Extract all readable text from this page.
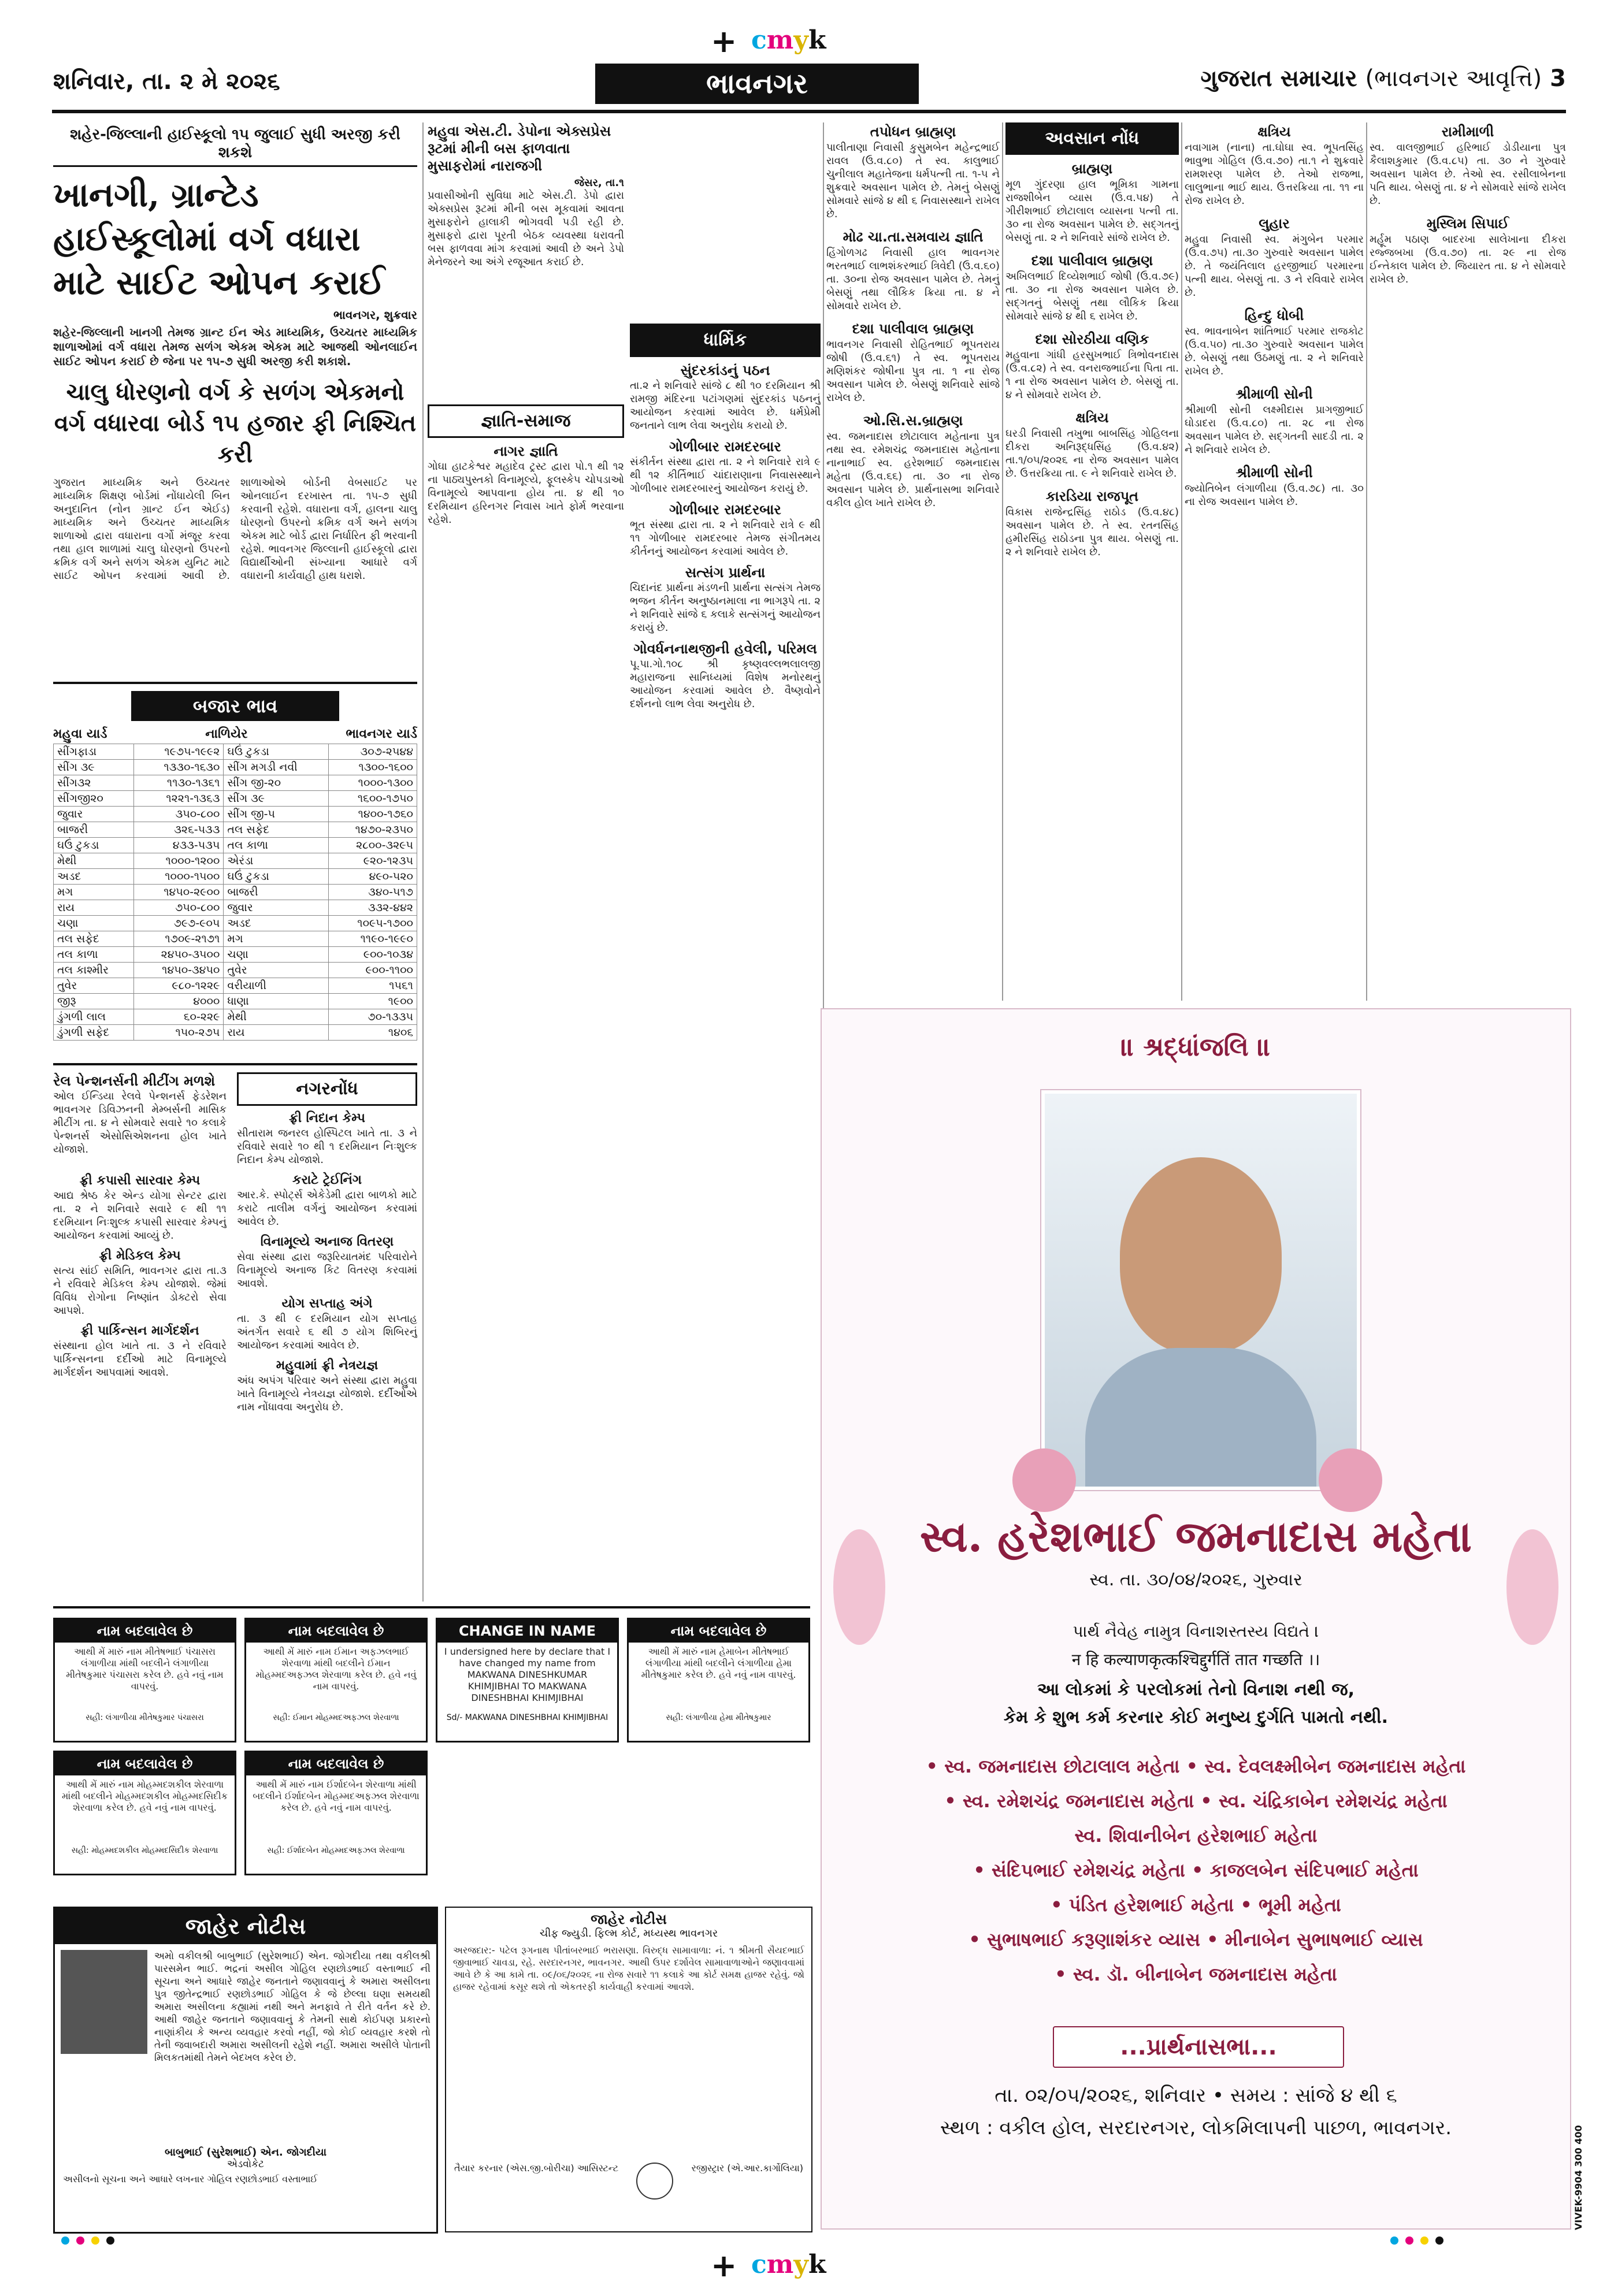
+ cmyk
શનિવાર, તા. ૨ મે ૨૦૨૬	ભાવનગર	ગુજરાત સમાચાર (ભાવનગર આવૃત્તિ) 3
શહેર-જિલ્લાની હાઈસ્કૂલો ૧૫ જુલાઈ સુધી અરજી કરી શકશે
ખાનગી, ગ્રાન્ટેડ હાઈસ્કૂલોમાં વર્ગ વધારા માટે સાઈટ ઓપન કરાઈ
ભાવનગર, શુક્રવાર
શહેર-જિલ્લાની ખાનગી તેમજ ગ્રાન્ટ ઈન એડ માધ્યમિક, ઉચ્ચતર માધ્યમિક શાળાઓમાં વર્ગ વધારા તેમજ સળંગ એકમ એકમ માટે આજથી ઓનલાઈન સાઈટ ઓપન કરાઈ છે જેના પર ૧૫-૭ સુધી અરજી કરી શકાશે.
ચાલુ ધોરણનો વર્ગ કે સળંગ એકમનો વર્ગ વધારવા બોર્ડ ૧૫ હજાર ફી નિશ્ચિત કરી
ગુજરાત માધ્યમિક અને ઉચ્ચતર માધ્યમિક શિક્ષણ બોર્ડમાં નોંધાયેલી બિન અનુદાનિત (નોન ગ્રાન્ટ ઈન એઈડ) માધ્યમિક અને ઉચ્ચતર માધ્યમિક શાળાઓ દ્વારા વધારાના વર્ગો મંજૂર કરવા તથા હાલ શાળામાં ચાલુ ધોરણનો ઉપરનો ક્રમિક વર્ગ અને સળંગ એકમ યુનિટ માટે સાઈટ ઓપન કરવામાં આવી છે. શાળાઓએ બોર્ડની વેબસાઈટ પર ઓનલાઈન દરખાસ્ત તા. ૧૫-૭ સુધી કરવાની રહેશે. વધારાના વર્ગ, હાલના ચાલુ ધોરણનો ઉપરનો ક્રમિક વર્ગ અને સળંગ એકમ માટે બોર્ડ દ્વારા નિર્ધારિત ફી ભરવાની રહેશે. ભાવનગર જિલ્લાની હાઈસ્કૂલો દ્વારા વિદ્યાર્થીઓની સંખ્યાના આધારે વર્ગ વધારાની કાર્યવાહી હાથ ધરાશે.
બજાર ભાવ
મહુવા યાર્ડ	નાળિયેર	ભાવનગર યાર્ડ
સીંગફાડા	૧૯૭૫-૧૯૯૨	ઘઉં ટુકડા	૩૦૭-૨૫૪૪
સીંગ ૩૯	૧૩૩૦-૧૬૩૦	સીંગ મગડી નવી	૧૩૦૦-૧૬૦૦
સીંગ૩૨	૧૧૩૦-૧૩૬૧	સીંગ જી-૨૦	૧૦૦૦-૧૩૦૦
સીંગજી૨૦	૧૨૨૧-૧૩૬૩	સીંગ ૩૯	૧૬૦૦-૧૭૫૦
જુવાર	૩૫૦-૮૦૦	સીંગ જી-૫	૧૪૦૦-૧૭૬૦
બાજરી	૩૨૬-૫૩૩	તલ સફેદ	૧૪૭૦-૨૩૫૦
ઘઉં ટુકડા	૪૩૩-૫૩૫	તલ કાળા	૨૮૦૦-૩૨૯૫
મેથી	૧૦૦૦-૧૨૦૦	એરંડા	૯૨૦-૧૨૩૫
અડદ	૧૦૦૦-૧૫૦૦	ઘઉં ટુકડા	૪૯૦-૫૨૦
મગ	૧૪૫૦-૨૯૦૦	બાજરી	૩૪૦-૫૧૭
રાય	૭૫૦-૮૦૦	જુવાર	૩૩૨-૪૪૨
ચણા	૭૯૭-૯૦૫	અડદ	૧૦૯૫-૧૭૦૦
તલ સફેદ	૧૭૦૯-૨૧૭૧	મગ	૧૧૯૦-૧૯૯૦
તલ કાળા	૨૪૫૦-૩૫૦૦	ચણા	૯૦૦-૧૦૩૪
તલ કાશ્મીર	૧૪૫૦-૩૪૫૦	તુવેર	૯૦૦-૧૧૦૦
તુવેર	૯૮૦-૧૨૨૯	વરીયાળી	૧૫૬૧
જીરૂ	૪૦૦૦	ધાણા	૧૯૦૦
ડુંગળી લાલ	૬૦-૨૨૯	મેથી	૭૦-૧૩૩૫
ડુંગળી સફેદ	૧૫૦-૨૭૫	રાય	૧૪૦૬
રેલ પેન્શનર્સની મીટીંગ મળશે
ઓલ ઈન્ડિયા રેલવે પેન્શનર્સ ફેડરેશન ભાવનગર ડિવિઝનની મેમ્બર્સની માસિક મીટીંગ તા. ૪ ને સોમવારે સવારે ૧૦ કલાકે પેન્શનર્સ એસોસિએશનના હોલ ખાતે યોજાશે.
ફ્રી કપાસી સારવાર કેમ્પ
આદ્ય શ્રેષ્ઠ કેર એન્ડ યોગા સેન્ટર દ્વારા તા. ૨ ને શનિવારે સવારે ૯ થી ૧૧ દરમિયાન નિઃશુલ્ક કપાસી સારવાર કેમ્પનું આયોજન કરવામાં આવ્યું છે.
ફ્રી મેડિકલ કેમ્પ
સત્ય સાંઈ સમિતિ, ભાવનગર દ્વારા તા.૩ ને રવિવારે મેડિકલ કેમ્પ યોજાશે. જેમાં વિવિધ રોગોના નિષ્ણાંત ડોક્ટરો સેવા આપશે.
ફ્રી પાર્કિન્સન માર્ગદર્શન
સંસ્થાના હોલ ખાતે તા. ૩ ને રવિવારે પાર્કિન્સનના દર્દીઓ માટે વિનામૂલ્યે માર્ગદર્શન આપવામાં આવશે.
નગરનોંધ
ફ્રી નિદાન કેમ્પ
સીતારામ જનરલ હોસ્પિટલ ખાતે તા. ૩ ને રવિવારે સવારે ૧૦ થી ૧ દરમિયાન નિઃશુલ્ક નિદાન કેમ્પ યોજાશે.
કરાટે ટ્રેઈનિંગ
આર.કે. સ્પોર્ટ્સ એકેડેમી દ્વારા બાળકો માટે કરાટે તાલીમ વર્ગનું આયોજન કરવામાં આવેલ છે.
વિનામૂલ્યે અનાજ વિતરણ
સેવા સંસ્થા દ્વારા જરૂરિયાતમંદ પરિવારોને વિનામૂલ્યે અનાજ કિટ વિતરણ કરવામાં આવશે.
યોગ સપ્તાહ અંગે
તા. ૩ થી ૯ દરમિયાન યોગ સપ્તાહ અંતર્ગત સવારે ૬ થી ૭ યોગ શિબિરનું આયોજન કરવામાં આવેલ છે.
મહુવામાં ફ્રી નેત્રયજ્ઞ
અંધ અપંગ પરિવાર અને સંસ્થા દ્વારા મહુવા ખાતે વિનામૂલ્યે નેત્રયજ્ઞ યોજાશે. દર્દીઓએ નામ નોંધાવવા અનુરોધ છે.
મહુવા એસ.ટી. ડેપોના એક્સપ્રેસ રૂટમાં મીની બસ ફાળવાતા મુસાફરોમાં નારાજગી
જેસર, તા.૧
પ્રવાસીઓની સુવિધા માટે એસ.ટી. ડેપો દ્વારા એક્સપ્રેસ રૂટમાં મીની બસ મૂકવામાં આવતા મુસાફરોને હાલાકી ભોગવવી પડી રહી છે. મુસાફરો દ્વારા પૂરતી બેઠક વ્યવસ્થા ધરાવતી બસ ફાળવવા માંગ કરવામાં આવી છે અને ડેપો મેનેજરને આ અંગે રજૂઆત કરાઈ છે.
જ્ઞાતિ-સમાજ
નાગર જ્ઞાતિ
ગોઘા હાટકેશ્વર મહાદેવ ટ્રસ્ટ દ્વારા પો.૧ થી ૧૨ ના પાઠ્યપુસ્તકો વિનામૂલ્યે, ફૂલસ્કેપ ચોપડાઓ વિનામૂલ્યે આપવાના હોય તા. ૪ થી ૧૦ દરમિયાન હરિનગર નિવાસ ખાતે ફોર્મ ભરવાના રહેશે.
ધાર્મિક
સુંદરકાંડનું પઠન
તા.૨ ને શનિવારે સાંજે ૮ થી ૧૦ દરમિયાન શ્રી રામજી મંદિરના પટાંગણમાં સુંદરકાંડ પઠનનું આયોજન કરવામાં આવેલ છે. ધર્મપ્રેમી જનતાને લાભ લેવા અનુરોધ કરાયો છે.
ગોળીબાર રામદરબાર
સંકીર્તન સંસ્થા દ્વારા તા. ૨ ને શનિવારે રાત્રે ૯ થી ૧૨ કીર્તિભાઈ ચાંદારાણાના નિવાસસ્થાને ગોળીબાર રામદરબારનું આયોજન કરાયું છે.
ગોળીબાર રામદરબાર
ભૂત સંસ્થા દ્વારા તા. ૨ ને શનિવારે રાત્રે ૯ થી ૧૧ ગોળીબાર રામદરબાર તેમજ સંગીતમય કીર્તનનું આયોજન કરવામાં આવેલ છે.
સત્સંગ પ્રાર્થના
ચિદાનંદ પ્રાર્થના મંડળની પ્રાર્થના સત્સંગ તેમજ ભજન કીર્તન અનુષ્ઠાનમાલા ના ભાગરૂપે તા. ૨ ને શનિવારે સાંજે ૬ કલાકે સત્સંગનું આયોજન કરાયું છે.
ગોવર્ધનનાથજીની હવેલી, પરિમલ
પૂ.પા.ગો.૧૦૮ શ્રી કૃષ્ણવલ્લભલાલજી મહારાજના સાનિધ્યમાં વિશેષ મનોરથનું આયોજન કરવામાં આવેલ છે. વૈષ્ણવોને દર્શનનો લાભ લેવા અનુરોધ છે.
તપોધન બ્રાહ્મણ
પાલીતાણા નિવાસી કુસુમબેન મહેન્દ્રભાઈ રાવલ (ઉ.વ.૮૦) તે સ્વ. કાલુભાઈ ચુનીલાલ મહાતેજના ધર્મપત્ની તા. ૧-૫ ને શુક્રવારે અવસાન પામેલ છે. તેમનું બેસણું સોમવારે સાંજે ૪ થી ૬ નિવાસસ્થાને રાખેલ છે.
મોઢ ચા.તા.સમવાય જ્ઞાતિ
હિંગોળગઢ નિવાસી હાલ ભાવનગર ભરતભાઈ લાભશંકરભાઈ ત્રિવેદી (ઉ.વ.૬૦) તા. ૩૦ના રોજ અવસાન પામેલ છે. તેમનું બેસણું તથા લૌકિક ક્રિયા તા. ૪ ને સોમવારે રાખેલ છે.
દશા પાલીવાલ બ્રાહ્મણ
ભાવનગર નિવાસી રોહિતભાઈ ભૂપતરાય જોષી (ઉ.વ.૬૧) તે સ્વ. ભૂપતરાય મણિશંકર જોષીના પુત્ર તા. ૧ ના રોજ અવસાન પામેલ છે. બેસણું શનિવારે સાંજે રાખેલ છે.
ઓ.સિ.સ.બ્રાહ્મણ
સ્વ. જમનાદાસ છોટાલાલ મહેતાના પુત્ર તથા સ્વ. રમેશચંદ્ર જમનાદાસ મહેતાના નાનાભાઈ સ્વ. હરેશભાઈ જમનાદાસ મહેતા (ઉ.વ.૬૬) તા. ૩૦ ના રોજ અવસાન પામેલ છે. પ્રાર્થનાસભા શનિવારે વકીલ હોલ ખાતે રાખેલ છે.
અવસાન નોંધ
બ્રાહ્મણ
મૂળ ગુંદરણા હાલ ભૂમિકા ગામના રાજશીબેન વ્યાસ (ઉ.વ.૫૪) તે ગીરીશભાઈ છોટાલાલ વ્યાસના પત્ની તા. ૩૦ ના રોજ અવસાન પામેલ છે. સદ્ગતનું બેસણું તા. ૨ ને શનિવારે સાંજે રાખેલ છે.
દશા પાલીવાલ બ્રાહ્મણ
અખિલભાઈ દિવ્યેશભાઈ જોષી (ઉ.વ.૭૯) તા. ૩૦ ના રોજ અવસાન પામેલ છે. સદ્ગતનું બેસણું તથા લૌકિક ક્રિયા સોમવારે સાંજે ૪ થી ૬ રાખેલ છે.
દશા સોરઠીયા વણિક
મહુવાના ગાંધી હરસુખભાઈ ત્રિભોવનદાસ (ઉ.વ.૮૨) તે સ્વ. વનરાજભાઈના પિતા તા. ૧ ના રોજ અવસાન પામેલ છે. બેસણું તા. ૪ ને સોમવારે રાખેલ છે.
ક્ષત્રિય
ઘરડી નિવાસી તખુભા બાબસિંહ ગોહિલના દીકરા અનિરૂદ્ધસિંહ (ઉ.વ.૪૨) તા.૧/૦૫/૨૦૨૬ ના રોજ અવસાન પામેલ છે. ઉત્તરક્રિયા તા. ૯ ને શનિવારે રાખેલ છે.
કારડિયા રાજપૂત
વિકાસ રાજેન્દ્રસિંહ રાઠોડ (ઉ.વ.૪૮) અવસાન પામેલ છે. તે સ્વ. રતનસિંહ હમીરસિંહ રાઠોડના પુત્ર થાય. બેસણું તા. ૨ ને શનિવારે રાખેલ છે.
ક્ષત્રિય
નવાગામ (નાના) તા.ઘોઘા સ્વ. ભૂપતસિંહ ભાવુભા ગોહિલ (ઉ.વ.૭૦) તા.૧ ને શુક્રવારે રામશરણ પામેલ છે. તેઓ રાજભા, લાલુભાના ભાઈ થાય. ઉત્તરક્રિયા તા. ૧૧ ના રોજ રાખેલ છે.
લુહાર
મહુવા નિવાસી સ્વ. મંગુબેન પરમાર (ઉ.વ.૭૫) તા.૩૦ ગુરુવારે અવસાન પામેલ છે. તે જયંતિલાલ હરજીભાઈ પરમારના પત્ની થાય. બેસણું તા. ૩ ને રવિવારે રાખેલ છે.
હિન્દુ ધોબી
સ્વ. ભાવનાબેન શાંતિભાઈ પરમાર રાજકોટ (ઉ.વ.૫૦) તા.૩૦ ગુરુવારે અવસાન પામેલ છે. બેસણું તથા ઉઠમણું તા. ૨ ને શનિવારે રાખેલ છે.
શ્રીમાળી સોની
શ્રીમાળી સોની લક્ષ્મીદાસ પ્રાગજીભાઈ ઘોડાદરા (ઉ.વ.૮૦) તા. ૨૮ ના રોજ અવસાન પામેલ છે. સદ્ગતની સાદડી તા. ૨ ને શનિવારે રાખેલ છે.
શ્રીમાળી સોની
જ્યોતિબેન લંગાળીયા (ઉ.વ.૭૮) તા. ૩૦ ના રોજ અવસાન પામેલ છે.
રામીમાળી
સ્વ. વાલજીભાઈ હરિભાઈ ડોડીયાના પુત્ર કૈલાશકુમાર (ઉ.વ.૮૫) તા. ૩૦ ને ગુરુવારે અવસાન પામેલ છે. તેઓ સ્વ. રસીલાબેનના પતિ થાય. બેસણું તા. ૪ ને સોમવારે સાંજે રાખેલ છે.
મુસ્લિમ સિપાઈ
મર્હૂમ પઠાણ બાદરખા સાલેખાના દીકરા રજ્જબખા (ઉ.વ.૭૦) તા. ૨૯ ના રોજ ઈન્તેકાલ પામેલ છે. જિયારત તા. ૪ ને સોમવારે રાખેલ છે.
નામ બદલાવેલ છે
આથી મેં મારું નામ મીતેષભાઈ પંચાસરા લંગાળીયા માંથી બદલીને લંગાળીયા મીતેષકુમાર પંચાસરા કરેલ છે. હવે નવું નામ વાપરવું.
સહી: લંગાળીયા મીતેષકુમાર પંચાસરા
નામ બદલાવેલ છે
આથી મેં મારું નામ ઈમાન અફઝલભાઈ શેરવાળા માંથી બદલીને ઈમાન મોહમ્મદઅફઝલ શેરવાળા કરેલ છે. હવે નવું નામ વાપરવું.
સહી: ઈમાન મોહમ્મદઅફઝલ શેરવાળા
CHANGE IN NAME
I undersigned here by declare that I have changed my name from MAKWANA DINESHKUMAR KHIMJIBHAI TO MAKWANA DINESHBHAI KHIMJIBHAI
Sd/- MAKWANA DINESHBHAI KHIMJIBHAI
નામ બદલાવેલ છે
આથી મેં મારું નામ હેમાબેન મીતેષભાઈ લંગાળીયા માંથી બદલીને લંગાળીયા હેમા મીતેષકુમાર કરેલ છે. હવે નવું નામ વાપરવું.
સહી: લંગાળીયા હેમા મીતેષકુમાર
નામ બદલાવેલ છે
આથી મેં મારું નામ મોહમ્મદશકીલ શેરવાળા માંથી બદલીને મોહમ્મદશકીલ મોહમ્મદસિદીક શેરવાળા કરેલ છે. હવે નવું નામ વાપરવું.
સહી: મોહમ્મદશકીલ મોહમ્મદસિદીક શેરવાળા
નામ બદલાવેલ છે
આથી મેં મારું નામ ઈર્શાદબેન શેરવાળા માંથી બદલીને ઈર્શાદબેન મોહમ્મદઅફઝલ શેરવાળા કરેલ છે. હવે નવું નામ વાપરવું.
સહી: ઈર્શાદબેન મોહમ્મદઅફઝલ શેરવાળા
જાહેર નોટીસ
અમો વકીલશ્રી બાબુભાઈ (સુરેશભાઈ) એન. જોગદીયા તથા વકીલશ્રી પારસમેન ભાઈ. ભદ્રનાં અસીલ ગોહિલ રણછોડભાઈ વસ્તાભાઈ ની સૂચના અને આધારે જાહેર જનતાને જણાવવાનું કે અમારા અસીલના પુત્ર જીતેન્દ્રભાઈ રણછોડભાઈ ગોહિલ કે જે છેલ્લા ઘણા સમયથી અમારા અસીલના કહ્યામાં નથી અને મનફાવે તે રીતે વર્તન કરે છે. આથી જાહેર જનતાને જણાવવાનું કે તેમની સાથે કોઈપણ પ્રકારનો નાણાંકીય કે અન્ય વ્યવહાર કરવો નહીં, જો કોઈ વ્યવહાર કરશે તો તેની જવાબદારી અમારા અસીલની રહેશે નહીં. અમારા અસીલે પોતાની મિલકતમાંથી તેમને બેદખલ કરેલ છે.
બાબુભાઈ (સુરેશભાઈ) એન. જોગદીયા
એડવોકેટ
અસીલનો સૂચના અને આધારે લખનાર ગોહિલ રણછોડભાઈ વસ્તાભાઈ
જાહેર નોટીસ
ચીફ જ્યુડી. ફિલ્મ કોર્ટ, મધ્યસ્થ ભાવનગર
અરજદાર:- પટેલ રૂગનાથ પીતાંબરભાઈ ભરાસણા. વિરુદ્ધ સામાવાળા: નં. ૧ શ્રીમતી સૈયદભાઈ જીવાભાઈ ચાવડા, રહે. સરદારનગર, ભાવનગર. આથી ઉપર દર્શાવેલ સામાવાળાઓને જણાવવામાં આવે છે કે આ કામે તા. ૦૯/૦૬/૨૦૨૬ ના રોજ સવારે ૧૧ કલાકે આ કોર્ટ સમક્ષ હાજર રહેવું. જો હાજર રહેવામાં કસૂર થશે તો એકતરફી કાર્યવાહી કરવામાં આવશે.
તૈયાર કરનાર (એસ.જી.બોરીચા) આસિસ્ટન્ટ	રજીસ્ટ્રાર (એ.આર.કાર્ગોલિયા)
॥ શ્રદ્ધાંજલિ ॥
સ્વ. હરેશભાઈ જમનાદાસ મહેતા
સ્વ. તા. ૩૦/૦૪/૨૦૨૬, ગુરુવાર
પાર્થ નૈવેહ નામુત્ર વિનાશસ્તસ્ય વિદ્યતે ।
न हि कल्याणकृत्कश्चिद्दुर्गतिं तात गच्छति ।।
આ લોકમાં કે પરલોકમાં તેનો વિનાશ નથી જ,
કેમ કે શુભ કર્મ કરનાર કોઈ મનુષ્ય દુર્ગતિ પામતો નથી.
• સ્વ. જમનાદાસ છોટાલાલ મહેતા • સ્વ. દેવલક્ષ્મીબેન જમનાદાસ મહેતા
• સ્વ. રમેશચંદ્ર જમનાદાસ મહેતા • સ્વ. ચંદ્રિકાબેન રમેશચંદ્ર મહેતા
સ્વ. શિવાનીબેન હરેશભાઈ મહેતા
• સંદિપભાઈ રમેશચંદ્ર મહેતા • કાજલબેન સંદિપભાઈ મહેતા
• પંડિત હરેશભાઈ મહેતા • ભૂમી મહેતા
• સુભાષભાઈ કરૂણાશંકર વ્યાસ • મીનાબેન સુભાષભાઈ વ્યાસ
• સ્વ. ડૉ. બીનાબેન જમનાદાસ મહેતા
...પ્રાર્થનાસભા...
તા. ૦૨/૦૫/૨૦૨૬, શનિવાર • સમય : સાંજે ૪ થી ૬
સ્થળ : વકીલ હોલ, સરદારનગર, લોકમિલાપની પાછળ, ભાવનગર.	VIVEK-9904 300 400
+ cmyk
